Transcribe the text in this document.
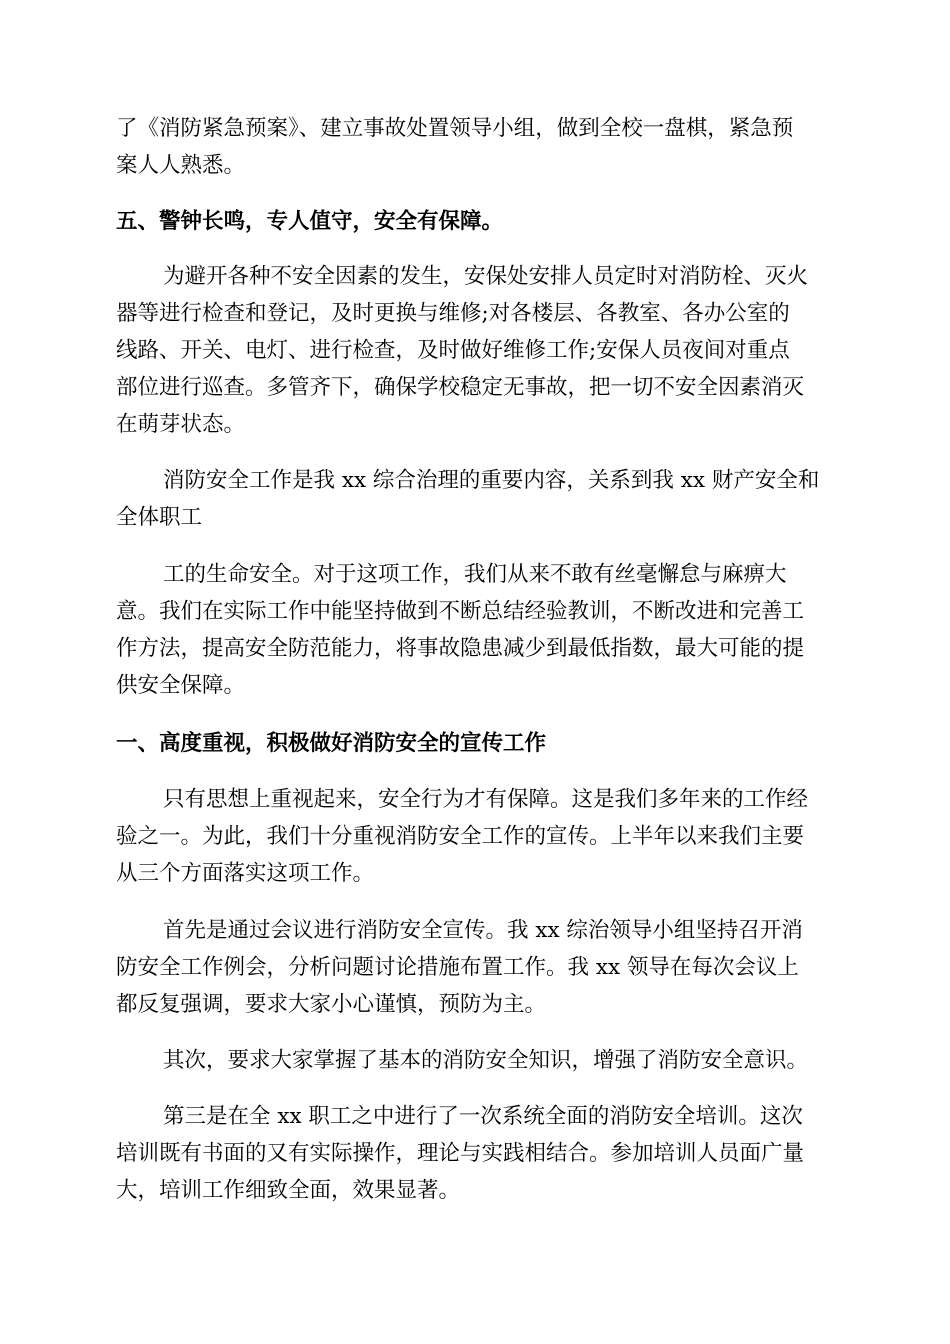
了《消防紧急预案》、建立事故处置领导小组，做到全校一盘棋，紧急预
案人人熟悉。
五、警钟长鸣，专人值守，安全有保障。
为避开各种不安全因素的发生，安保处安排人员定时对消防栓、灭火
器等进行检查和登记，及时更换与维修;对各楼层、各教室、各办公室的
线路、开关、电灯、进行检查，及时做好维修工作;安保人员夜间对重点
部位进行巡查。多管齐下，确保学校稳定无事故，把一切不安全因素消灭
在萌芽状态。
消防安全工作是我 xx 综合治理的重要内容，关系到我 xx 财产安全和
全体职工
工的生命安全。对于这项工作，我们从来不敢有丝毫懈怠与麻痹大
意。我们在实际工作中能坚持做到不断总结经验教训，不断改进和完善工
作方法，提高安全防范能力，将事故隐患减少到最低指数，最大可能的提
供安全保障。
一、高度重视，积极做好消防安全的宣传工作
只有思想上重视起来，安全行为才有保障。这是我们多年来的工作经
验之一。为此，我们十分重视消防安全工作的宣传。上半年以来我们主要
从三个方面落实这项工作。
首先是通过会议进行消防安全宣传。我 xx 综治领导小组坚持召开消
防安全工作例会，分析问题讨论措施布置工作。我 xx 领导在每次会议上
都反复强调，要求大家小心谨慎，预防为主。
其次，要求大家掌握了基本的消防安全知识，增强了消防安全意识。
第三是在全 xx 职工之中进行了一次系统全面的消防安全培训。这次
培训既有书面的又有实际操作，理论与实践相结合。参加培训人员面广量
大，培训工作细致全面，效果显著。
